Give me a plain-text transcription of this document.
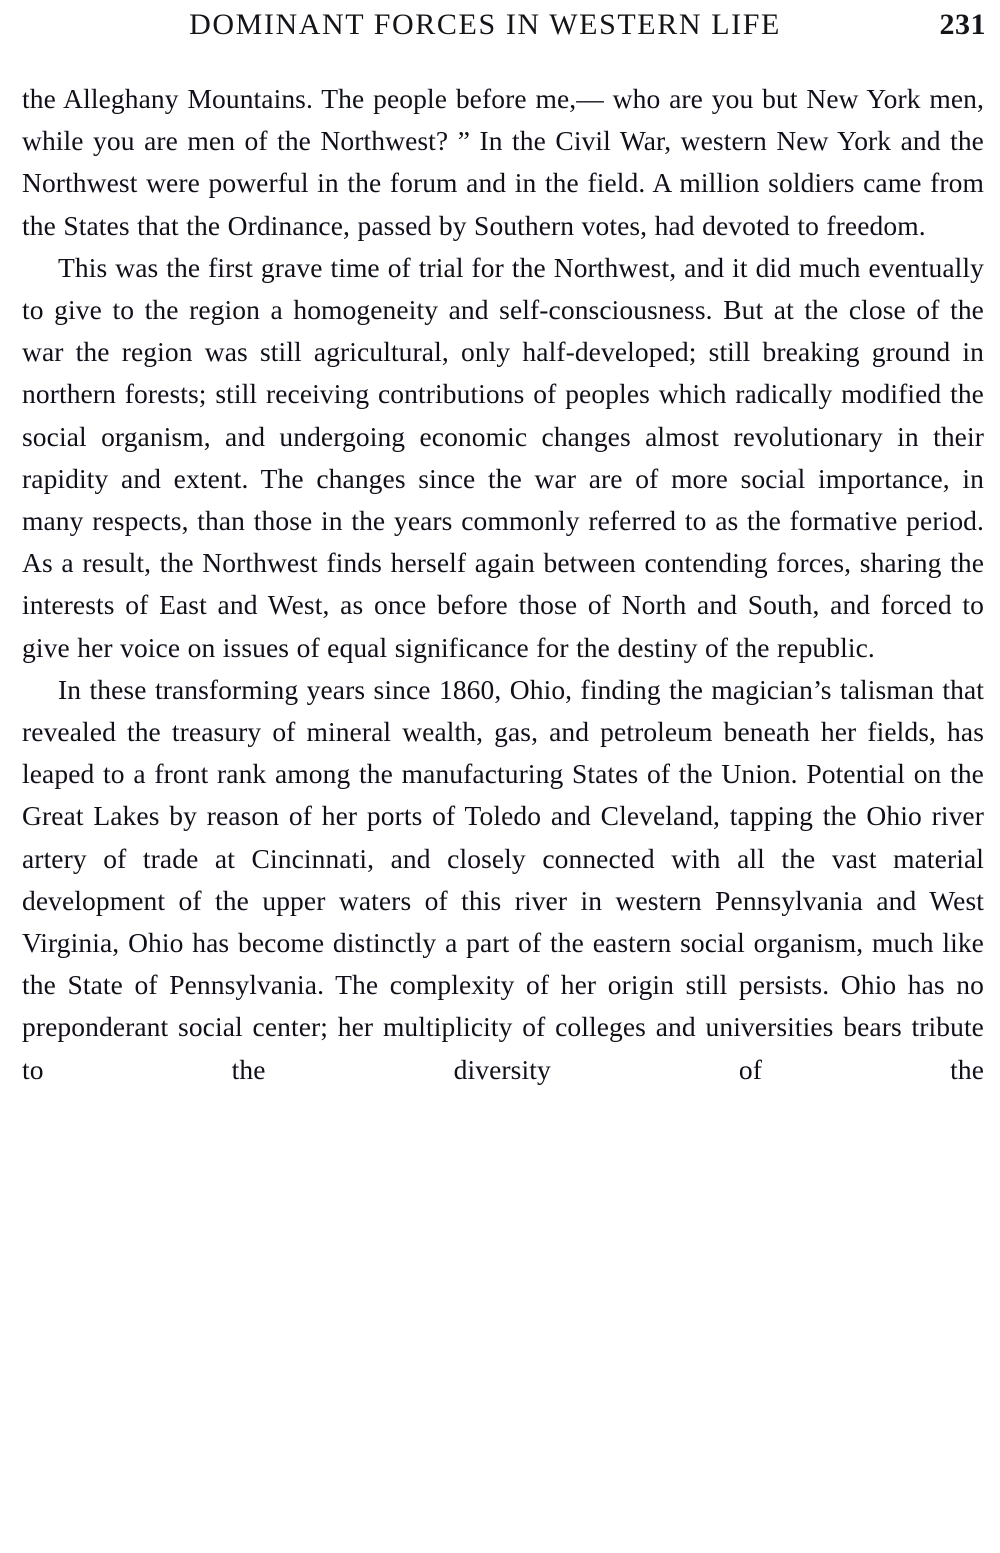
DOMINANT FORCES IN WESTERN LIFE	231

the Alleghany Mountains. The people before me,— who are you but New York men, while you are men of the Northwest? ” In the Civil War, western New York and the Northwest were powerful in the forum and in the field. A million soldiers came from the States that the Ordinance, passed by Southern votes, had devoted to freedom.

This was the first grave time of trial for the Northwest, and it did much eventually to give to the region a homogeneity and self-consciousness. But at the close of the war the region was still agricultural, only half-developed; still breaking ground in northern forests; still receiving contributions of peoples which radically modified the social organism, and undergoing economic changes almost revolutionary in their rapidity and extent. The changes since the war are of more social importance, in many respects, than those in the years commonly referred to as the formative period. As a result, the Northwest finds herself again between contending forces, sharing the interests of East and West, as once before those of North and South, and forced to give her voice on issues of equal significance for the destiny of the republic.

In these transforming years since 1860, Ohio, finding the magician’s talisman that revealed the treasury of mineral wealth, gas, and petroleum beneath her fields, has leaped to a front rank among the manufacturing States of the Union. Potential on the Great Lakes by reason of her ports of Toledo and Cleveland, tapping the Ohio river artery of trade at Cincinnati, and closely connected with all the vast material development of the upper waters of this river in western Pennsylvania and West Virginia, Ohio has become distinctly a part of the eastern social organism, much like the State of Pennsylvania. The complexity of her origin still persists. Ohio has no preponderant social center; her multiplicity of colleges and universities bears tribute to the diversity of the
